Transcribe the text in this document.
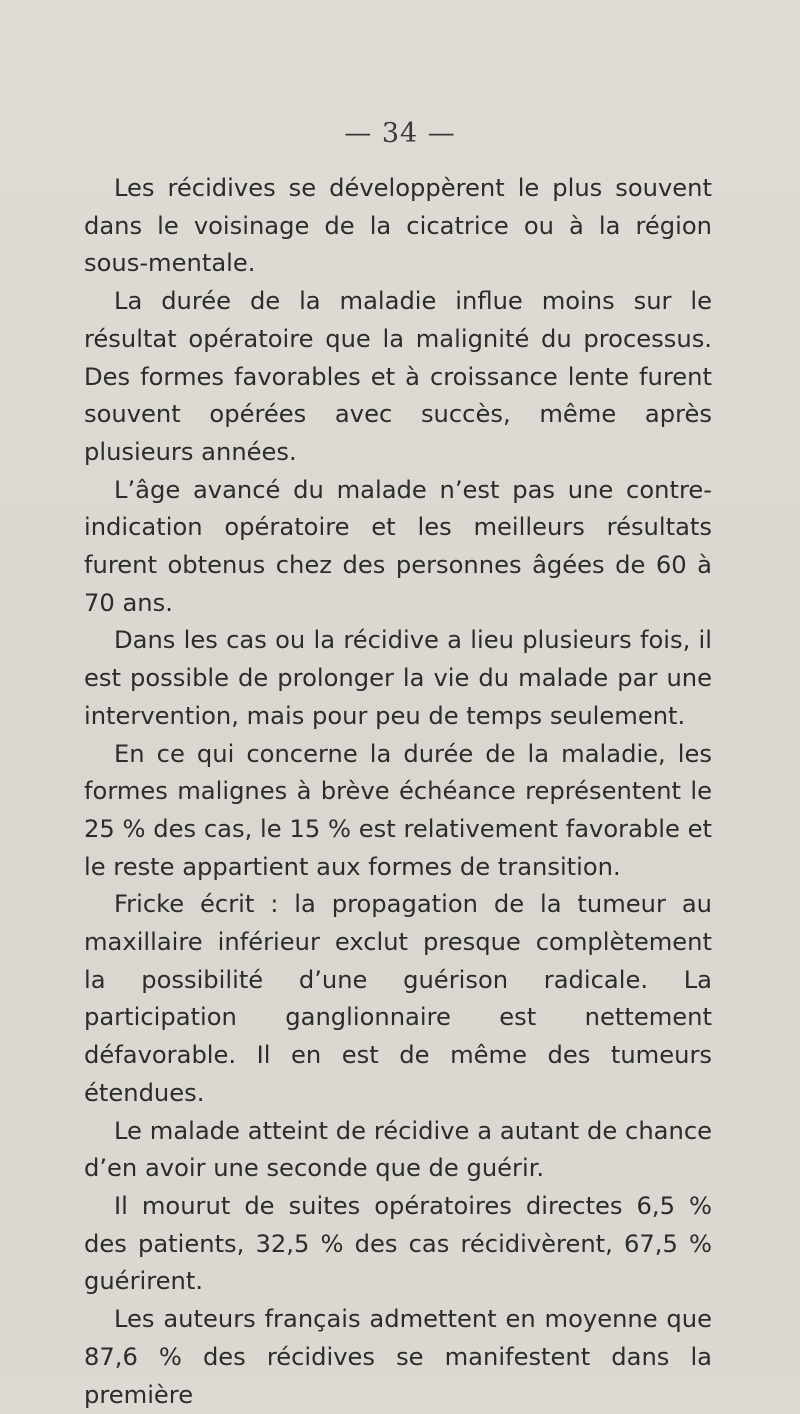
— 34 —

Les récidives se développèrent le plus souvent dans le voisinage de la cicatrice ou à la région sous-mentale.

La durée de la maladie influe moins sur le résultat opératoire que la malignité du processus. Des formes favorables et à croissance lente furent souvent opérées avec succès, même après plusieurs années.

L’âge avancé du malade n’est pas une contre-indication opératoire et les meilleurs résultats furent obtenus chez des personnes âgées de 60 à 70 ans.

Dans les cas ou la récidive a lieu plusieurs fois, il est possible de prolonger la vie du malade par une intervention, mais pour peu de temps seulement.

En ce qui concerne la durée de la maladie, les formes malignes à brève échéance représentent le 25 % des cas, le 15 % est relativement favorable et le reste appartient aux formes de transition.

Fricke écrit : la propagation de la tumeur au maxillaire inférieur exclut presque complètement la possibilité d’une guérison radicale. La participation ganglionnaire est nettement défavorable. Il en est de même des tumeurs étendues.

Le malade atteint de récidive a autant de chance d’en avoir une seconde que de guérir.

Il mourut de suites opératoires directes 6,5 % des patients, 32,5 % des cas récidivèrent, 67,5 % guérirent.

Les auteurs français admettent en moyenne que 87,6 % des récidives se manifestent dans la première
